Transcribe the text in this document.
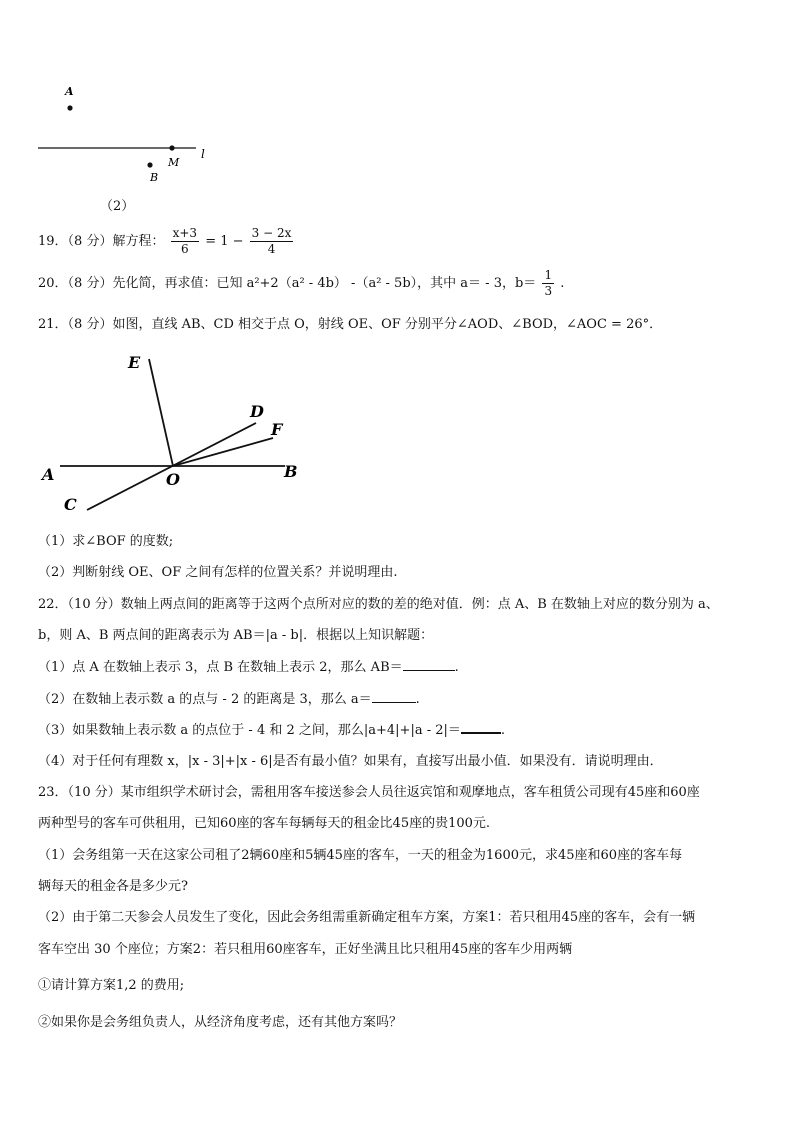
A
M
l
B
（2）
19．（8 分）解方程： $\frac{x+3}{6} = 1 - \frac{3 - 2x}{4}$
20．（8 分）先化简，再求值：已知 a²+2（a² - 4b） -（a² - 5b），其中 a＝ - 3，$b= \frac{1}{3}$ .
21．（8 分）如图，直线 AB、CD 相交于点 O，射线 OE、OF 分别平分∠AOD、∠BOD，∠AOC = 26°．
E
D
F
A	O	B
C
（1）求∠BOF 的度数;
（2）判断射线 OE、OF 之间有怎样的位置关系？并说明理由.
22．（10 分）数轴上两点间的距离等于这两个点所对应的数的差的绝对值．例：点 A、B 在数轴上对应的数分别为 a、
b，则 A、B 两点间的距离表示为 AB＝|a - b|．根据以上知识解题：
（1）点 A 在数轴上表示 3，点 B 在数轴上表示 2，那么 AB＝	.
（2）在数轴上表示数 a 的点与 - 2 的距离是 3，那么 a＝	.
（3）如果数轴上表示数 a 的点位于 - 4 和 2 之间，那么|a+4|+|a - 2|＝	.
（4）对于任何有理数 x，|x - 3|+|x - 6|是否有最小值？如果有，直接写出最小值．如果没有．请说明理由．
23．（10 分）某市组织学术研讨会，需租用客车接送参会人员往返宾馆和观摩地点，客车租赁公司现有45座和60座
两种型号的客车可供租用，已知60座的客车每辆每天的租金比45座的贵100元.
（1）会务组第一天在这家公司租了2辆60座和5辆45座的客车，一天的租金为1600元，求45座和60座的客车每
辆每天的租金各是多少元?
（2）由于第二天参会人员发生了变化，因此会务组需重新确定租车方案，方案1：若只租用45座的客车，会有一辆
客车空出 30 个座位；方案2：若只租用60座客车，正好坐满且比只租用45座的客车少用两辆
①请计算方案1,2 的费用;
②如果你是会务组负责人，从经济角度考虑，还有其他方案吗？
